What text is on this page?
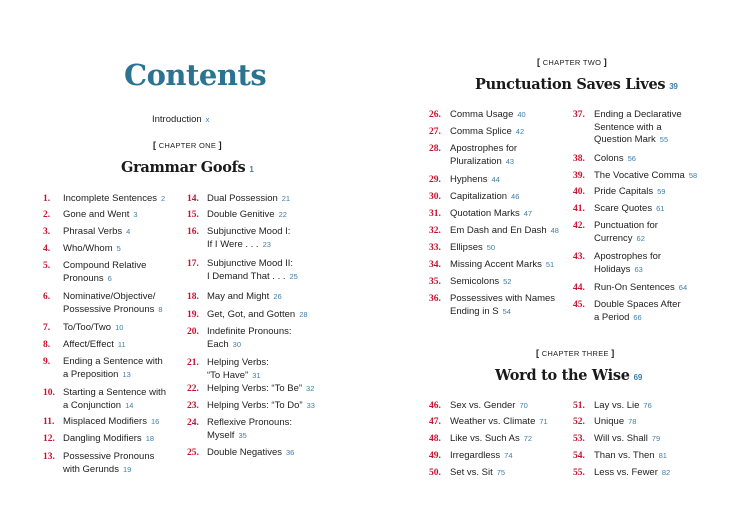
Contents
Introduction x
[ CHAPTER ONE ]
Grammar Goofs 1
[ CHAPTER TWO ]
Punctuation Saves Lives 39
[ CHAPTER THREE ]
Word to the Wise 69
1. Incomplete Sentences 2
2. Gone and Went 3
3. Phrasal Verbs 4
4. Who/Whom 5
5. Compound Relative
Pronouns 6
6. Nominative/Objective/
Possessive Pronouns 8
7. To/Too/Two 10
8. Affect/Effect 11
9. Ending a Sentence with
a Preposition 13
10. Starting a Sentence with
a Conjunction 14
11. Misplaced Modifiers 16
12. Dangling Modifiers 18
13. Possessive Pronouns
with Gerunds 19
14. Dual Possession 21
15. Double Genitive 22
16. Subjunctive Mood I:
If I Were . . . 23
17. Subjunctive Mood II:
I Demand That . . . 25
18. May and Might 26
19. Get, Got, and Gotten 28
20. Indefinite Pronouns:
Each 30
21. Helping Verbs:
“To Have” 31
22. Helping Verbs: “To Be” 32
23. Helping Verbs: “To Do” 33
24. Reflexive Pronouns:
Myself 35
25. Double Negatives 36
26. Comma Usage 40
27. Comma Splice 42
28. Apostrophes for
Pluralization 43
29. Hyphens 44
30. Capitalization 46
31. Quotation Marks 47
32. Em Dash and En Dash 48
33. Ellipses 50
34. Missing Accent Marks 51
35. Semicolons 52
36. Possessives with Names
Ending in S 54
37. Ending a Declarative
Sentence with a
Question Mark 55
38. Colons 56
39. The Vocative Comma 58
40. Pride Capitals 59
41. Scare Quotes 61
42. Punctuation for
Currency 62
43. Apostrophes for
Holidays 63
44. Run-On Sentences 64
45. Double Spaces After
a Period 66
46. Sex vs. Gender 70
47. Weather vs. Climate 71
48. Like vs. Such As 72
49. Irregardless 74
50. Set vs. Sit 75
51. Lay vs. Lie 76
52. Unique 78
53. Will vs. Shall 79
54. Than vs. Then 81
55. Less vs. Fewer 82
